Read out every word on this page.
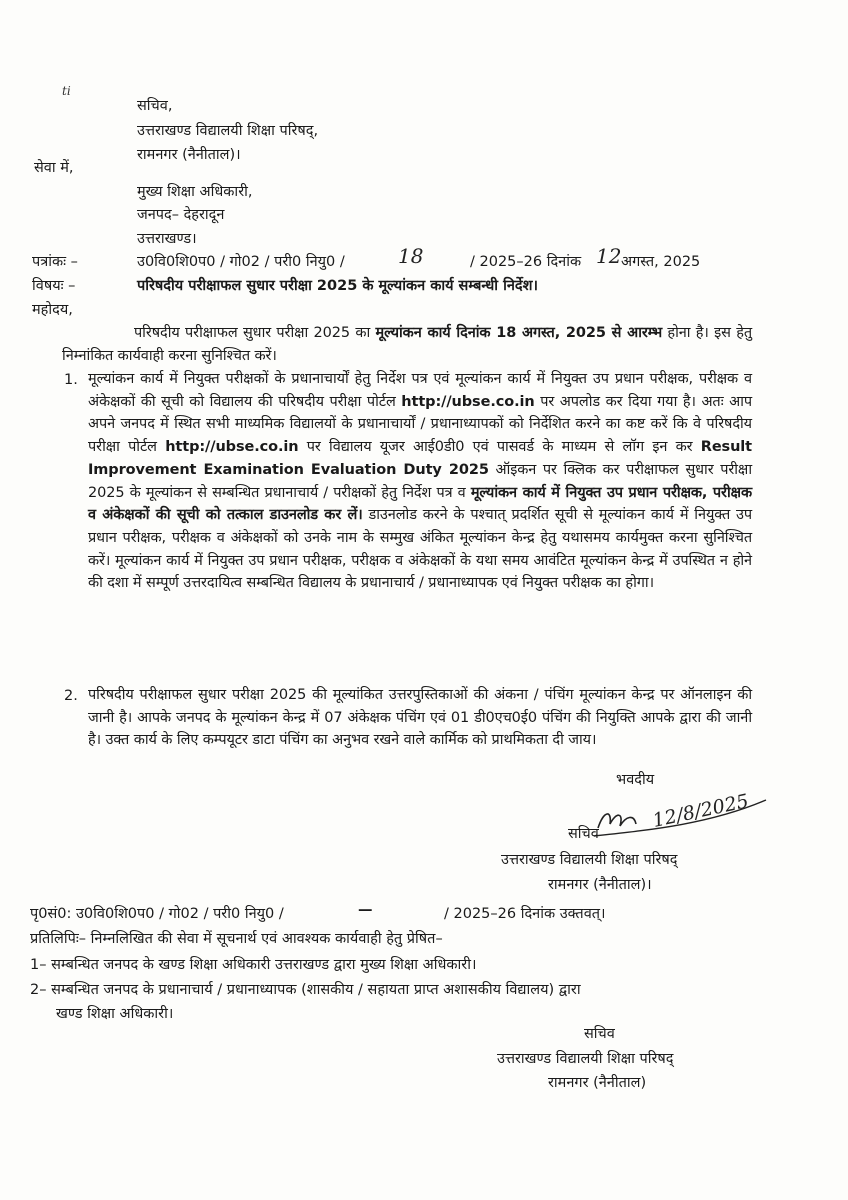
ti
सचिव,
उत्तराखण्ड विद्यालयी शिक्षा परिषद्,
रामनगर (नैनीताल)।
सेवा में,
मुख्य शिक्षा अधिकारी,
जनपद– देहरादून
उत्तराखण्ड।
पत्रांकः –	उ0वि0शि0प0 / गो02 / परी0 नियु0 /	18	/ 2025–26 दिनांक 12 अगस्त, 2025
विषयः –	परिषदीय परीक्षाफल सुधार परीक्षा 2025 के मूल्यांकन कार्य सम्बन्धी निर्देश।
महोदय,
परिषदीय परीक्षाफल सुधार परीक्षा 2025 का मूल्यांकन कार्य दिनांक 18 अगस्त, 2025 से आरम्भ होना है। इस हेतु निम्नांकित कार्यवाही करना सुनिश्चित करें।
1. मूल्यांकन कार्य में नियुक्त परीक्षकों के प्रधानाचार्यों हेतु निर्देश पत्र एवं मूल्यांकन कार्य में नियुक्त उप प्रधान परीक्षक, परीक्षक व अंकेक्षकों की सूची को विद्यालय की परिषदीय परीक्षा पोर्टल http://ubse.co.in पर अपलोड कर दिया गया है। अतः आप अपने जनपद में स्थित सभी माध्यमिक विद्यालयों के प्रधानाचार्यों / प्रधानाध्यापकों को निर्देशित करने का कष्ट करें कि वे परिषदीय परीक्षा पोर्टल http://ubse.co.in पर विद्यालय यूजर आई0डी0 एवं पासवर्ड के माध्यम से लॉग इन कर Result Improvement Examination Evaluation Duty 2025 ऑइकन पर क्लिक कर परीक्षाफल सुधार परीक्षा 2025 के मूल्यांकन से सम्बन्धित प्रधानाचार्य / परीक्षकों हेतु निर्देश पत्र व मूल्यांकन कार्य में नियुक्त उप प्रधान परीक्षक, परीक्षक व अंकेक्षकों की सूची को तत्काल डाउनलोड कर लें। डाउनलोड करने के पश्चात् प्रदर्शित सूची से मूल्यांकन कार्य में नियुक्त उप प्रधान परीक्षक, परीक्षक व अंकेक्षकों को उनके नाम के सम्मुख अंकित मूल्यांकन केन्द्र हेतु यथासमय कार्यमुक्त करना सुनिश्चित करें। मूल्यांकन कार्य में नियुक्त उप प्रधान परीक्षक, परीक्षक व अंकेक्षकों के यथा समय आवंटित मूल्यांकन केन्द्र में उपस्थित न होने की दशा में सम्पूर्ण उत्तरदायित्व सम्बन्धित विद्यालय के प्रधानाचार्य / प्रधानाध्यापक एवं नियुक्त परीक्षक का होगा।
2. परिषदीय परीक्षाफल सुधार परीक्षा 2025 की मूल्यांकित उत्तरपुस्तिकाओं की अंकना / पंचिंग मूल्यांकन केन्द्र पर ऑनलाइन की जानी है। आपके जनपद के मूल्यांकन केन्द्र में 07 अंकेक्षक पंचिंग एवं 01 डी0एच0ई0 पंचिंग की नियुक्ति आपके द्वारा की जानी है। उक्त कार्य के लिए कम्पयूटर डाटा पंचिंग का अनुभव रखने वाले कार्मिक को प्राथमिकता दी जाय।
भवदीय
12/8/2025
सचिव
उत्तराखण्ड विद्यालयी शिक्षा परिषद्
रामनगर (नैनीताल)।
पृ0सं0: उ0वि0शि0प0 / गो02 / परी0 नियु0 /	—	/ 2025–26 दिनांक उक्तवत्।
प्रतिलिपिः– निम्नलिखित की सेवा में सूचनार्थ एवं आवश्यक कार्यवाही हेतु प्रेषित–
1– सम्बन्धित जनपद के खण्ड शिक्षा अधिकारी उत्तराखण्ड द्वारा मुख्य शिक्षा अधिकारी।
2– सम्बन्धित जनपद के प्रधानाचार्य / प्रधानाध्यापक (शासकीय / सहायता प्राप्त अशासकीय विद्यालय) द्वारा
खण्ड शिक्षा अधिकारी।
सचिव
उत्तराखण्ड विद्यालयी शिक्षा परिषद्
रामनगर (नैनीताल)
